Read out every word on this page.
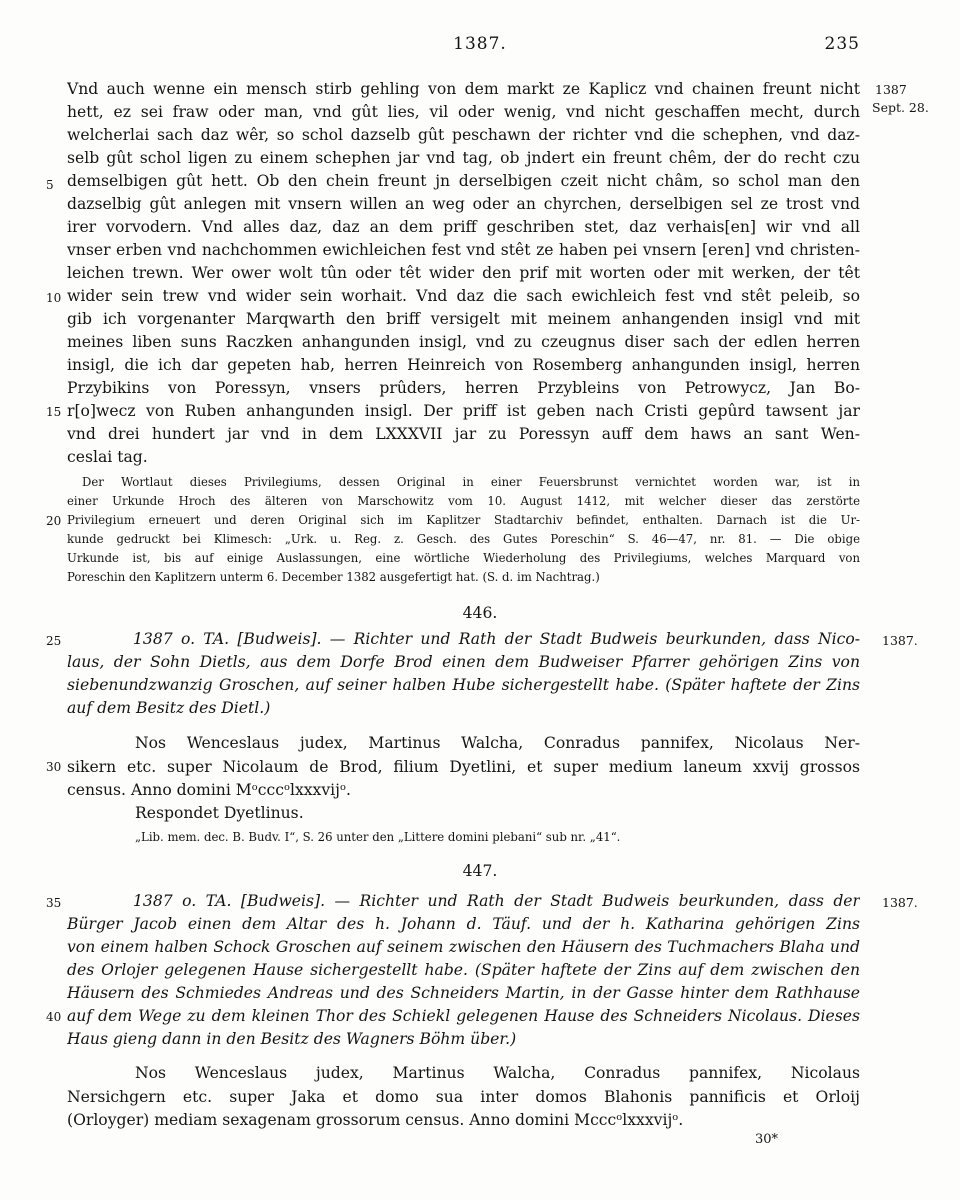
1387.	235
1387
Sept. 28.
1387.
1387.
5
10
15
20
25
30
35
40
Vnd auch wenne ein mensch stirb gehling von dem markt ze Kaplicz vnd chainen freunt nicht
hett, ez sei fraw oder man, vnd gût lies, vil oder wenig, vnd nicht geschaffen mecht, durch
welcherlai sach daz wêr, so schol dazselb gût peschawn der richter vnd die schephen, vnd daz-
selb gût schol ligen zu einem schephen jar vnd tag, ob jndert ein freunt chêm, der do recht czu
demselbigen gût hett. Ob den chein freunt jn derselbigen czeit nicht châm, so schol man den
dazselbig gût anlegen mit vnsern willen an weg oder an chyrchen, derselbigen sel ze trost vnd
irer vorvodern. Vnd alles daz, daz an dem priff geschriben stet, daz verhais[en] wir vnd all
vnser erben vnd nachchommen ewichleichen fest vnd stêt ze haben pei vnsern [eren] vnd christen-
leichen trewn. Wer ower wolt tûn oder têt wider den prif mit worten oder mit werken, der têt
wider sein trew vnd wider sein worhait. Vnd daz die sach ewichleich fest vnd stêt peleib, so
gib ich vorgenanter Marqwarth den briff versigelt mit meinem anhangenden insigl vnd mit
meines liben suns Raczken anhangunden insigl, vnd zu czeugnus diser sach der edlen herren
insigl, die ich dar gepeten hab, herren Heinreich von Rosemberg anhangunden insigl, herren
Przybikins von Poressyn, vnsers prûders, herren Przybleins von Petrowycz, Jan Bo-
r[o]wecz von Ruben anhangunden insigl. Der priff ist geben nach Cristi gepûrd tawsent jar
vnd drei hundert jar vnd in dem LXXXVII jar zu Poressyn auff dem haws an sant Wen-
ceslai tag.
Der Wortlaut dieses Privilegiums, dessen Original in einer Feuersbrunst vernichtet worden war, ist in
einer Urkunde Hroch des älteren von Marschowitz vom 10. August 1412, mit welcher dieser das zerstörte
Privilegium erneuert und deren Original sich im Kaplitzer Stadtarchiv befindet, enthalten. Darnach ist die Ur-
kunde gedruckt bei Klimesch: „Urk. u. Reg. z. Gesch. des Gutes Poreschin“ S. 46—47, nr. 81. — Die obige
Urkunde ist, bis auf einige Auslassungen, eine wörtliche Wiederholung des Privilegiums, welches Marquard von
Poreschin den Kaplitzern unterm 6. December 1382 ausgefertigt hat. (S. d. im Nachtrag.)
446.
1387 o. TA. [Budweis]. — Richter und Rath der Stadt Budweis beurkunden, dass Nico-
laus, der Sohn Dietls, aus dem Dorfe Brod einen dem Budweiser Pfarrer gehörigen Zins von
siebenundzwanzig Groschen, auf seiner halben Hube sichergestellt habe. (Später haftete der Zins
auf dem Besitz des Dietl.)
Nos Wenceslaus judex, Martinus Walcha, Conradus pannifex, Nicolaus Ner-
sikern etc. super Nicolaum de Brod, filium Dyetlini, et super medium laneum xxvij grossos
census. Anno domini Mᵒcccᵒlxxxvijᵒ.
Respondet Dyetlinus.
„Lib. mem. dec. B. Budv. I“, S. 26 unter den „Littere domini plebani“ sub nr. „41“.
447.
1387 o. TA. [Budweis]. — Richter und Rath der Stadt Budweis beurkunden, dass der
Bürger Jacob einen dem Altar des h. Johann d. Täuf. und der h. Katharina gehörigen Zins
von einem halben Schock Groschen auf seinem zwischen den Häusern des Tuchmachers Blaha und
des Orlojer gelegenen Hause sichergestellt habe. (Später haftete der Zins auf dem zwischen den
Häusern des Schmiedes Andreas und des Schneiders Martin, in der Gasse hinter dem Rathhause
auf dem Wege zu dem kleinen Thor des Schiekl gelegenen Hause des Schneiders Nicolaus. Dieses
Haus gieng dann in den Besitz des Wagners Böhm über.)
Nos Wenceslaus judex, Martinus Walcha, Conradus pannifex, Nicolaus
Nersichgern etc. super Jaka et domo sua inter domos Blahonis pannificis et Orloij
(Orloyger) mediam sexagenam grossorum census. Anno domini Mcccᵒlxxxvijᵒ.
30*
